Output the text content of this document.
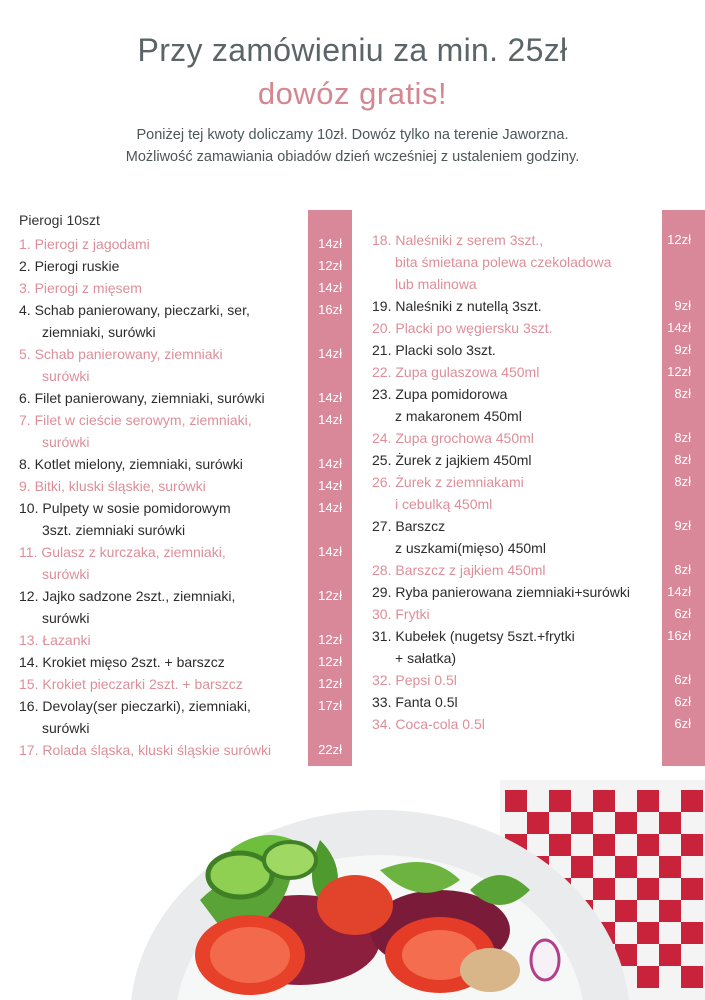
Przy zamówieniu za min. 25zł
dowóz gratis!
Poniżej tej kwoty doliczamy 10zł. Dowóz tylko na terenie Jaworzna.
Możliwość zamawiania obiadów dzień wcześniej z ustaleniem godziny.
Pierogi 10szt
1. Pierogi z jagodami	14zł
2. Pierogi ruskie	12zł
3. Pierogi z mięsem	14zł
4. Schab panierowany, pieczarki, ser,
ziemniaki, surówki
16zł
5. Schab panierowany, ziemniaki
surówki
14zł
6. Filet panierowany, ziemniaki, surówki	14zł
7. Filet w cieście serowym, ziemniaki,
surówki
14zł
8. Kotlet mielony, ziemniaki, surówki	14zł
9. Bitki, kluski śląskie, surówki	14zł
10. Pulpety w sosie pomidorowym
3szt. ziemniaki surówki
14zł
11. Gulasz z kurczaka, ziemniaki,
surówki
14zł
12. Jajko sadzone 2szt., ziemniaki,
surówki
12zł
13. Łazanki	12zł
14. Krokiet mięso 2szt. + barszcz	12zł
15. Krokiet pieczarki 2szt. + barszcz	12zł
16. Devolay(ser pieczarki), ziemniaki,
surówki
17zł
17. Rolada śląska, kluski śląskie surówki	22zł
18. Naleśniki z serem 3szt.,
bita śmietana polewa czekoladowa
lub malinowa
12zł
19. Naleśniki z nutellą 3szt.	9zł
20. Placki po węgiersku 3szt.	14zł
21. Placki solo 3szt.	9zł
22. Zupa gulaszowa 450ml	12zł
23. Zupa pomidorowa
z makaronem 450ml
8zł
24. Zupa grochowa 450ml	8zł
25. Żurek z jajkiem 450ml	8zł
26. Żurek z ziemniakami
i cebulką 450ml
8zł
27. Barszcz
z uszkami(mięso) 450ml
9zł
28. Barszcz z jajkiem 450ml	8zł
29. Ryba panierowana ziemniaki+surówki	14zł
30. Frytki	6zł
31. Kubełek (nugetsy 5szt.+frytki
+ sałatka)
16zł
32. Pepsi 0.5l	6zł
33. Fanta 0.5l	6zł
34. Coca-cola 0.5l	6zł
